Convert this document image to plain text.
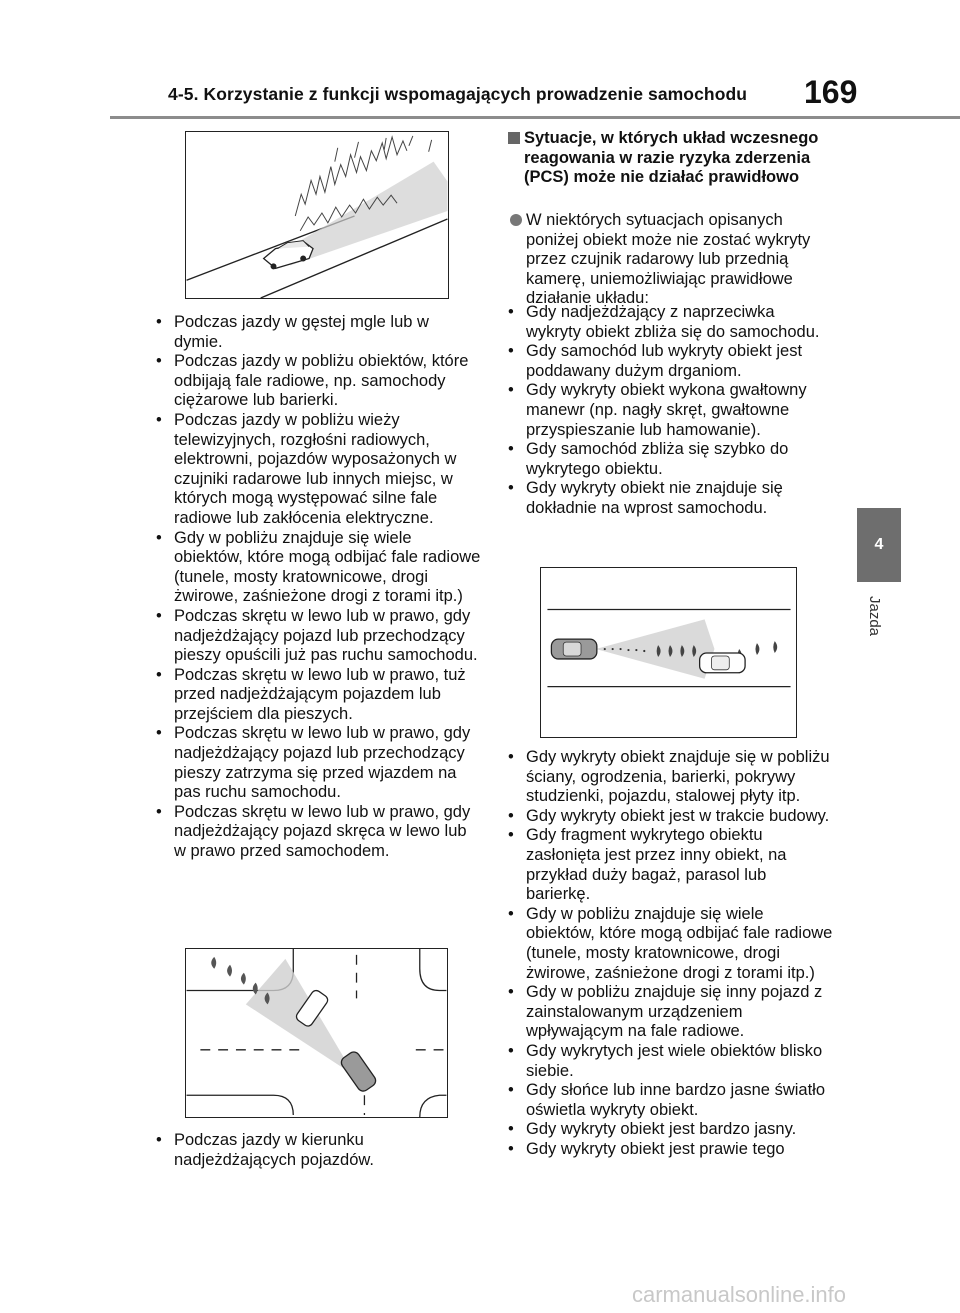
4-5. Korzystanie z funkcji wspomagających prowadzenie samochodu 169
4
Jazda
• Podczas jazdy w gęstej mgle lub w dymie.
• Podczas jazdy w pobliżu obiektów, które odbijają fale radiowe, np. samochody ciężarowe lub barierki.
• Podczas jazdy w pobliżu wieży telewizyjnych, rozgłośni radiowych, elektrowni, pojazdów wyposażonych w czujniki radarowe lub innych miejsc, w których mogą występować silne fale radiowe lub zakłócenia elektryczne.
• Gdy w pobliżu znajduje się wiele obiektów, które mogą odbijać fale radiowe (tunele, mosty kratownicowe, drogi żwirowe, zaśnieżone drogi z torami itp.)
• Podczas skrętu w lewo lub w prawo, gdy nadjeżdżający pojazd lub przechodzący pieszy opuścili już pas ruchu samochodu.
• Podczas skrętu w lewo lub w prawo, tuż przed nadjeżdżającym pojazdem lub przejściem dla pieszych.
• Podczas skrętu w lewo lub w prawo, gdy nadjeżdżający pojazd lub przechodzący pieszy zatrzyma się przed wjazdem na pas ruchu samochodu.
• Podczas skrętu w lewo lub w prawo, gdy nadjeżdżający pojazd skręca w lewo lub w prawo przed samochodem.
• Podczas jazdy w kierunku nadjeżdżających pojazdów.
Sytuacje, w których układ wczesnego reagowania w razie ryzyka zderzenia (PCS) może nie działać prawidłowo
W niektórych sytuacjach opisanych poniżej obiekt może nie zostać wykryty przez czujnik radarowy lub przednią kamerę, uniemożliwiając prawidłowe działanie układu:
• Gdy nadjeżdżający z naprzeciwka wykryty obiekt zbliża się do samochodu.
• Gdy samochód lub wykryty obiekt jest poddawany dużym drganiom.
• Gdy wykryty obiekt wykona gwałtowny manewr (np. nagły skręt, gwałtowne przyspieszanie lub hamowanie).
• Gdy samochód zbliża się szybko do wykrytego obiektu.
• Gdy wykryty obiekt nie znajduje się dokładnie na wprost samochodu.
• Gdy wykryty obiekt znajduje się w pobliżu ściany, ogrodzenia, barierki, pokrywy studzienki, pojazdu, stalowej płyty itp.
• Gdy wykryty obiekt jest w trakcie budowy.
• Gdy fragment wykrytego obiektu zasłonięta jest przez inny obiekt, na przykład duży bagaż, parasol lub barierkę.
• Gdy w pobliżu znajduje się wiele obiektów, które mogą odbijać fale radiowe (tunele, mosty kratownicowe, drogi żwirowe, zaśnieżone drogi z torami itp.)
• Gdy w pobliżu znajduje się inny pojazd z zainstalowanym urządzeniem wpływającym na fale radiowe.
• Gdy wykrytych jest wiele obiektów blisko siebie.
• Gdy słońce lub inne bardzo jasne światło oświetla wykryty obiekt.
• Gdy wykryty obiekt jest bardzo jasny.
• Gdy wykryty obiekt jest prawie tego
carmanualsonline.info
